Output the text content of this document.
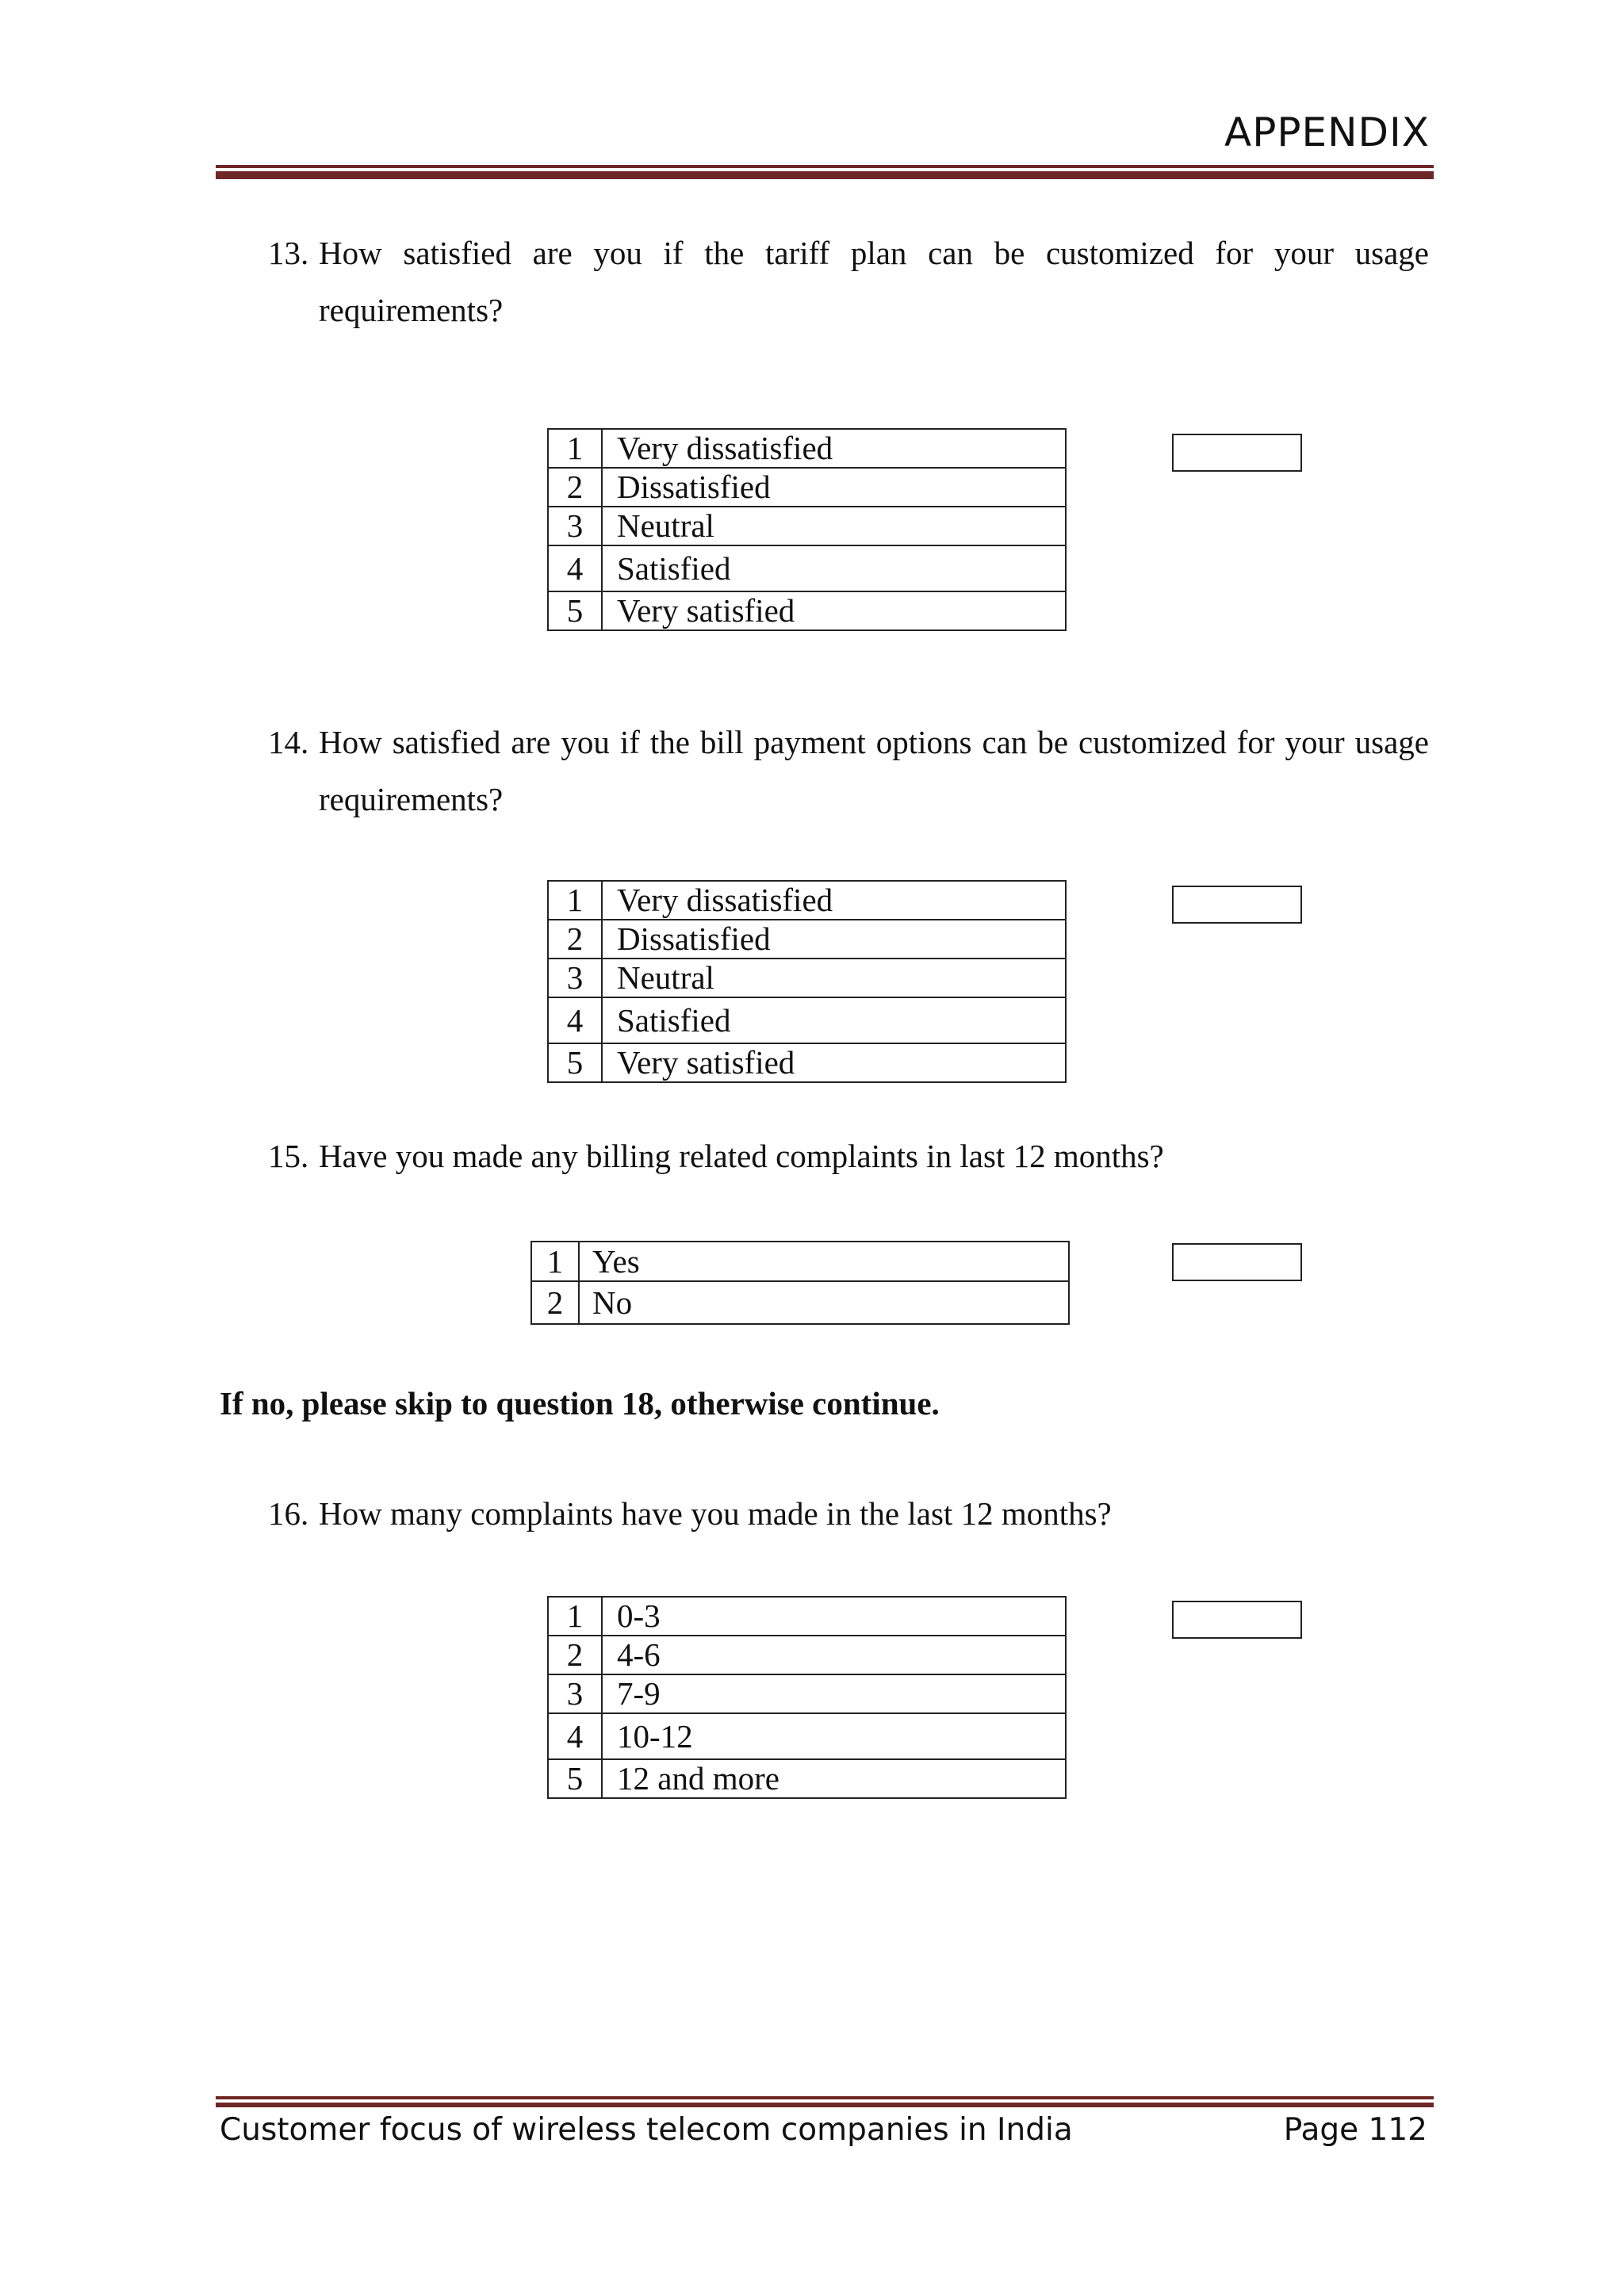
APPENDIX
13. How satisfied are you if the tariff plan can be customized for your usage requirements?
1	Very dissatisfied
2	Dissatisfied
3	Neutral
4	Satisfied
5	Very satisfied
14. How satisfied are you if the bill payment options can be customized for your usage requirements?
1	Very dissatisfied
2	Dissatisfied
3	Neutral
4	Satisfied
5	Very satisfied
15. Have you made any billing related complaints in last 12 months?
1	Yes
2	No
If no, please skip to question 18, otherwise continue.
16. How many complaints have you made in the last 12 months?
1	0-3
2	4-6
3	7-9
4	10-12
5	12 and more
Customer focus of wireless telecom companies in India	Page 112
